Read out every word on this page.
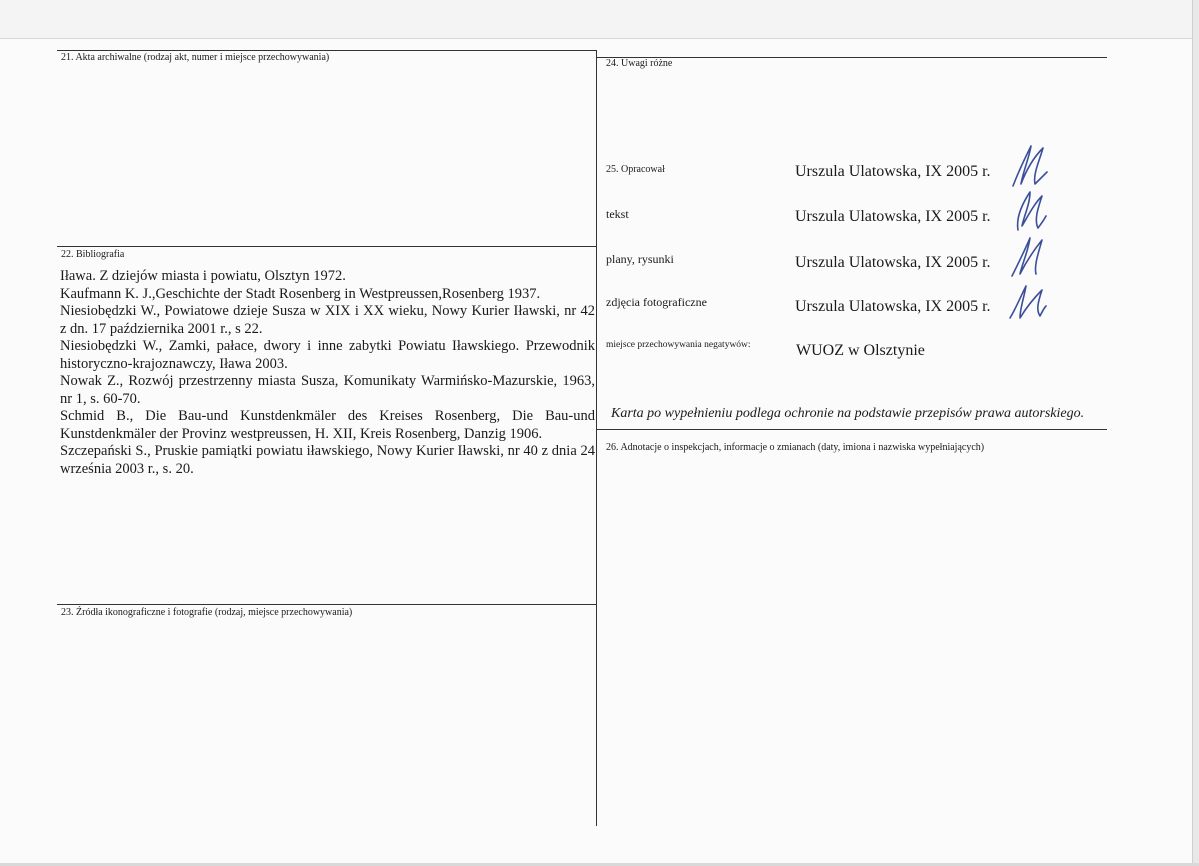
21. Akta archiwalne (rodzaj akt, numer i miejsce przechowywania)
22. Bibliografia
23. Źródła ikonograficzne i fotografie (rodzaj, miejsce przechowywania)
24. Uwagi różne
26. Adnotacje o inspekcjach, informacje o zmianach (daty, imiona i nazwiska wypełniających)
Iława. Z dziejów miasta i powiatu, Olsztyn 1972.
Kaufmann K. J.,Geschichte der Stadt Rosenberg in Westpreussen,Rosenberg 1937.
Niesiobędzki W., Powiatowe dzieje Susza w XIX i XX wieku, Nowy Kurier Iławski, nr 42 z dn. 17 października 2001 r., s 22.
Niesiobędzki W., Zamki, pałace, dwory i inne zabytki Powiatu Iławskiego. Przewodnik historyczno-krajoznawczy, Iława 2003.
Nowak Z., Rozwój przestrzenny miasta Susza, Komunikaty Warmińsko-Mazurskie, 1963, nr 1, s. 60-70.
Schmid B., Die Bau-und Kunstdenkmäler des Kreises Rosenberg, Die Bau-und Kunstdenkmäler der Provinz westpreussen, H. XII, Kreis Rosenberg, Danzig 1906.
Szczepański S., Pruskie pamiątki powiatu iławskiego, Nowy Kurier Iławski, nr 40 z dnia 24 września 2003 r., s. 20.
25. Opracował	Urszula Ulatowska, IX 2005 r.
tekst	Urszula Ulatowska, IX 2005 r.
plany, rysunki	Urszula Ulatowska, IX 2005 r.
zdjęcia fotograficzne	Urszula Ulatowska, IX 2005 r.
miejsce przechowywania negatywów:	WUOZ w Olsztynie
Karta po wypełnieniu podlega ochronie na podstawie przepisów prawa autorskiego.
